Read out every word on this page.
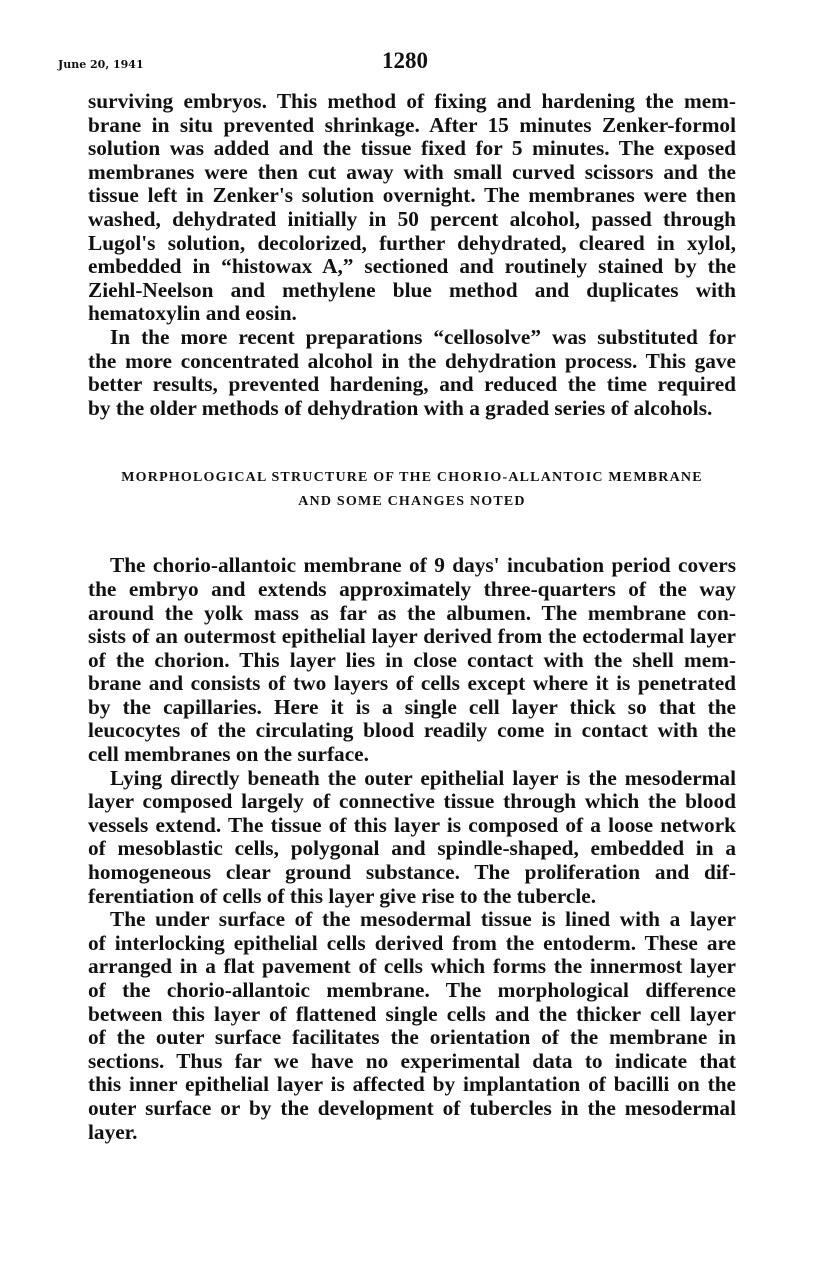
June 20, 1941	1280
surviving embryos. This method of fixing and hardening the mem-
brane in situ prevented shrinkage. After 15 minutes Zenker-formol
solution was added and the tissue fixed for 5 minutes. The exposed
membranes were then cut away with small curved scissors and the
tissue left in Zenker's solution overnight. The membranes were then
washed, dehydrated initially in 50 percent alcohol, passed through
Lugol's solution, decolorized, further dehydrated, cleared in xylol,
embedded in “histowax A,” sectioned and routinely stained by the
Ziehl-Neelson and methylene blue method and duplicates with
hematoxylin and eosin.
In the more recent preparations “cellosolve” was substituted for
the more concentrated alcohol in the dehydration process. This gave
better results, prevented hardening, and reduced the time required
by the older methods of dehydration with a graded series of alcohols.
MORPHOLOGICAL STRUCTURE OF THE CHORIO-ALLANTOIC MEMBRANE
AND SOME CHANGES NOTED
The chorio-allantoic membrane of 9 days' incubation period covers
the embryo and extends approximately three-quarters of the way
around the yolk mass as far as the albumen. The membrane con-
sists of an outermost epithelial layer derived from the ectodermal layer
of the chorion. This layer lies in close contact with the shell mem-
brane and consists of two layers of cells except where it is penetrated
by the capillaries. Here it is a single cell layer thick so that the
leucocytes of the circulating blood readily come in contact with the
cell membranes on the surface.
Lying directly beneath the outer epithelial layer is the mesodermal
layer composed largely of connective tissue through which the blood
vessels extend. The tissue of this layer is composed of a loose network
of mesoblastic cells, polygonal and spindle-shaped, embedded in a
homogeneous clear ground substance. The proliferation and dif-
ferentiation of cells of this layer give rise to the tubercle.
The under surface of the mesodermal tissue is lined with a layer
of interlocking epithelial cells derived from the entoderm. These are
arranged in a flat pavement of cells which forms the innermost layer
of the chorio-allantoic membrane. The morphological difference
between this layer of flattened single cells and the thicker cell layer
of the outer surface facilitates the orientation of the membrane in
sections. Thus far we have no experimental data to indicate that
this inner epithelial layer is affected by implantation of bacilli on the
outer surface or by the development of tubercles in the mesodermal
layer.
